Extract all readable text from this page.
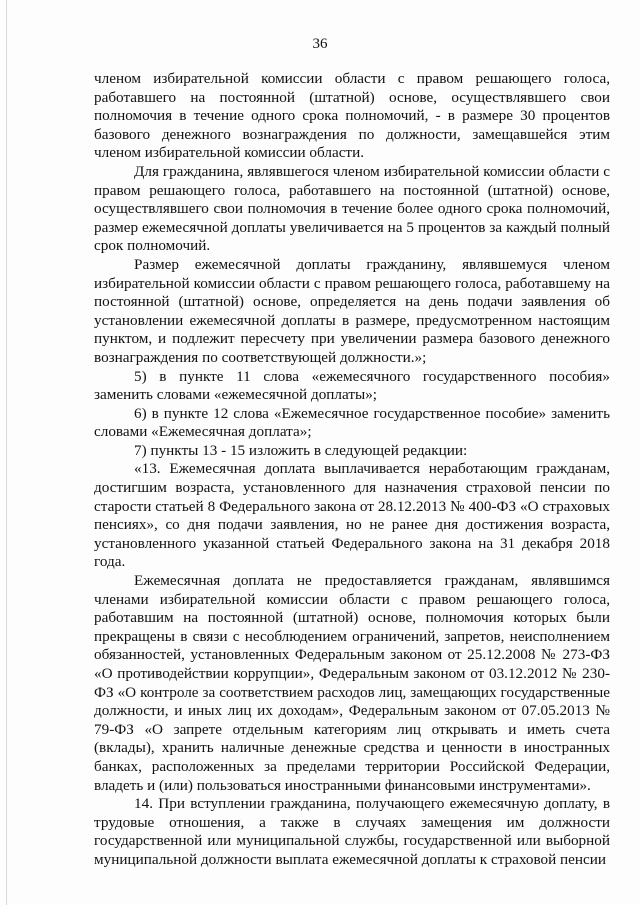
36

членом избирательной комиссии области с правом решающего голоса, работавшего на постоянной (штатной) основе, осуществлявшего свои полномочия в течение одного срока полномочий, - в размере 30 процентов базового денежного вознаграждения по должности, замещавшейся этим членом избирательной комиссии области.

Для гражданина, являвшегося членом избирательной комиссии области с правом решающего голоса, работавшего на постоянной (штатной) основе, осуществлявшего свои полномочия в течение более одного срока полномочий, размер ежемесячной доплаты увеличивается на 5 процентов за каждый полный срок полномочий.

Размер ежемесячной доплаты гражданину, являвшемуся членом избирательной комиссии области с правом решающего голоса, работавшему на постоянной (штатной) основе, определяется на день подачи заявления об установлении ежемесячной доплаты в размере, предусмотренном настоящим пунктом, и подлежит пересчету при увеличении размера базового денежного вознаграждения по соответствующей должности.»;

5) в пункте 11 слова «ежемесячного государственного пособия» заменить словами «ежемесячной доплаты»;

6) в пункте 12 слова «Ежемесячное государственное пособие» заменить словами «Ежемесячная доплата»;

7) пункты 13 - 15 изложить в следующей редакции:

«13. Ежемесячная доплата выплачивается неработающим гражданам, достигшим возраста, установленного для назначения страховой пенсии по старости статьей 8 Федерального закона от 28.12.2013 № 400-ФЗ «О страховых пенсиях», со дня подачи заявления, но не ранее дня достижения возраста, установленного указанной статьей Федерального закона на 31 декабря 2018 года.

Ежемесячная доплата не предоставляется гражданам, являвшимся членами избирательной комиссии области с правом решающего голоса, работавшим на постоянной (штатной) основе, полномочия которых были прекращены в связи с несоблюдением ограничений, запретов, неисполнением обязанностей, установленных Федеральным законом от 25.12.2008 № 273-ФЗ «О противодействии коррупции», Федеральным законом от 03.12.2012 № 230-ФЗ «О контроле за соответствием расходов лиц, замещающих государственные должности, и иных лиц их доходам», Федеральным законом от 07.05.2013 № 79-ФЗ «О запрете отдельным категориям лиц открывать и иметь счета (вклады), хранить наличные денежные средства и ценности в иностранных банках, расположенных за пределами территории Российской Федерации, владеть и (или) пользоваться иностранными финансовыми инструментами».

14. При вступлении гражданина, получающего ежемесячную доплату, в трудовые отношения, а также в случаях замещения им должности государственной или муниципальной службы, государственной или выборной муниципальной должности выплата ежемесячной доплаты к страховой пенсии
